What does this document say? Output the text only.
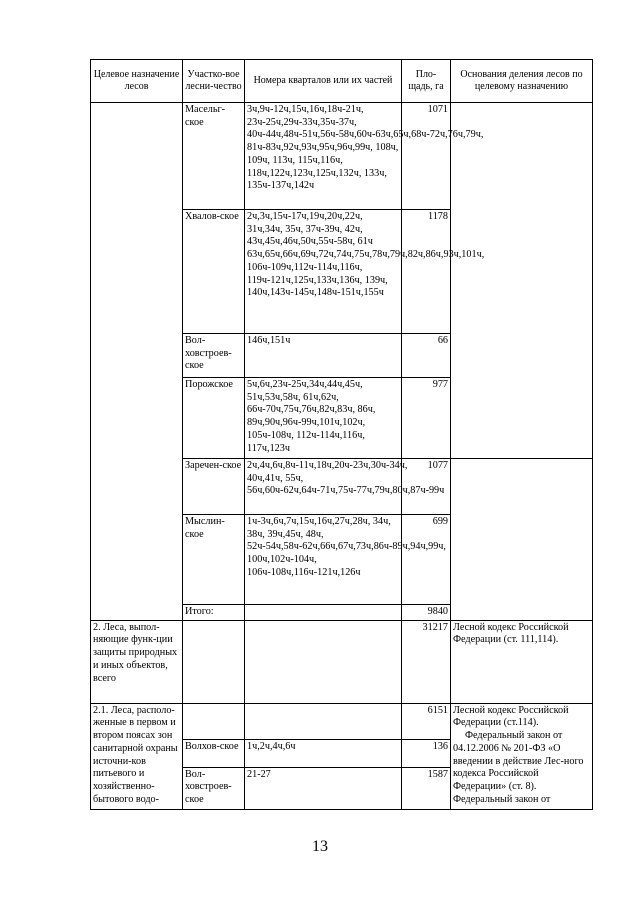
Целевое назначение лесов	Участко-вое лесни-чество	Номера кварталов или их частей	Пло-щадь, га	Основания деления лесов по целевому назначению
	Масельг-ское	3ч,9ч-12ч,15ч,16ч,18ч-21ч, 23ч-25ч,29ч-33ч,35ч-37ч, 40ч-44ч,48ч-51ч,56ч-58ч,60ч-63ч,65ч,68ч-72ч,76ч,79ч, 81ч-83ч,92ч,93ч,95ч,96ч,99ч, 108ч, 109ч, 113ч, 115ч,116ч, 118ч,122ч,123ч,125ч,132ч, 133ч, 135ч-137ч,142ч	1071	
	Хвалов-ское	2ч,3ч,15ч-17ч,19ч,20ч,22ч, 31ч,34ч, 35ч, 37ч-39ч, 42ч, 43ч,45ч,46ч,50ч,55ч-58ч, 61ч 63ч,65ч,66ч,69ч,72ч,74ч,75ч,78ч,79ч,82ч,86ч,93ч,101ч, 106ч-109ч,112ч-114ч,116ч, 119ч-121ч,125ч,133ч,136ч, 139ч, 140ч,143ч-145ч,148ч-151ч,155ч	1178	
	Вол-ховстроев-ское	146ч,151ч	66	
	Порожское	5ч,6ч,23ч-25ч,34ч,44ч,45ч, 51ч,53ч,58ч, 61ч,62ч, 66ч-70ч,75ч,76ч,82ч,83ч, 86ч, 89ч,90ч,96ч-99ч,101ч,102ч, 105ч-108ч, 112ч-114ч,116ч, 117ч,123ч	977	
	Заречен-ское	2ч,4ч,6ч,8ч-11ч,18ч,20ч-23ч,30ч-34ч, 40ч,41ч, 55ч, 56ч,60ч-62ч,64ч-71ч,75ч-77ч,79ч,80ч,87ч-99ч	1077	
	Мыслин-ское	1ч-3ч,6ч,7ч,15ч,16ч,27ч,28ч, 34ч, 38ч, 39ч,45ч, 48ч, 52ч-54ч,58ч-62ч,66ч,67ч,73ч,86ч-89ч,94ч,99ч, 100ч,102ч-104ч, 106ч-108ч,116ч-121ч,126ч	699	
	Итого:		9840	
2. Леса, выпол-няющие функ-ции защиты природных и иных объектов, всего			31217	Лесной кодекс Российской Федерации (ст. 111,114).
2.1. Леса, располо-женные в первом и втором поясах зон санитарной охраны источни-ков питьевого и хозяйственно-бытового водо-			6151	Лесной кодекс Российской Федерации (ст.114).
Федеральный закон от 04.12.2006 № 201-ФЗ «О введении в действие Лес-ного кодекса Российской Федерации» (ст. 8). Федеральный закон от

	Волхов-ское	1ч,2ч,4ч,6ч	136	
	Вол-ховстроев-ское	21-27	1587	
13
